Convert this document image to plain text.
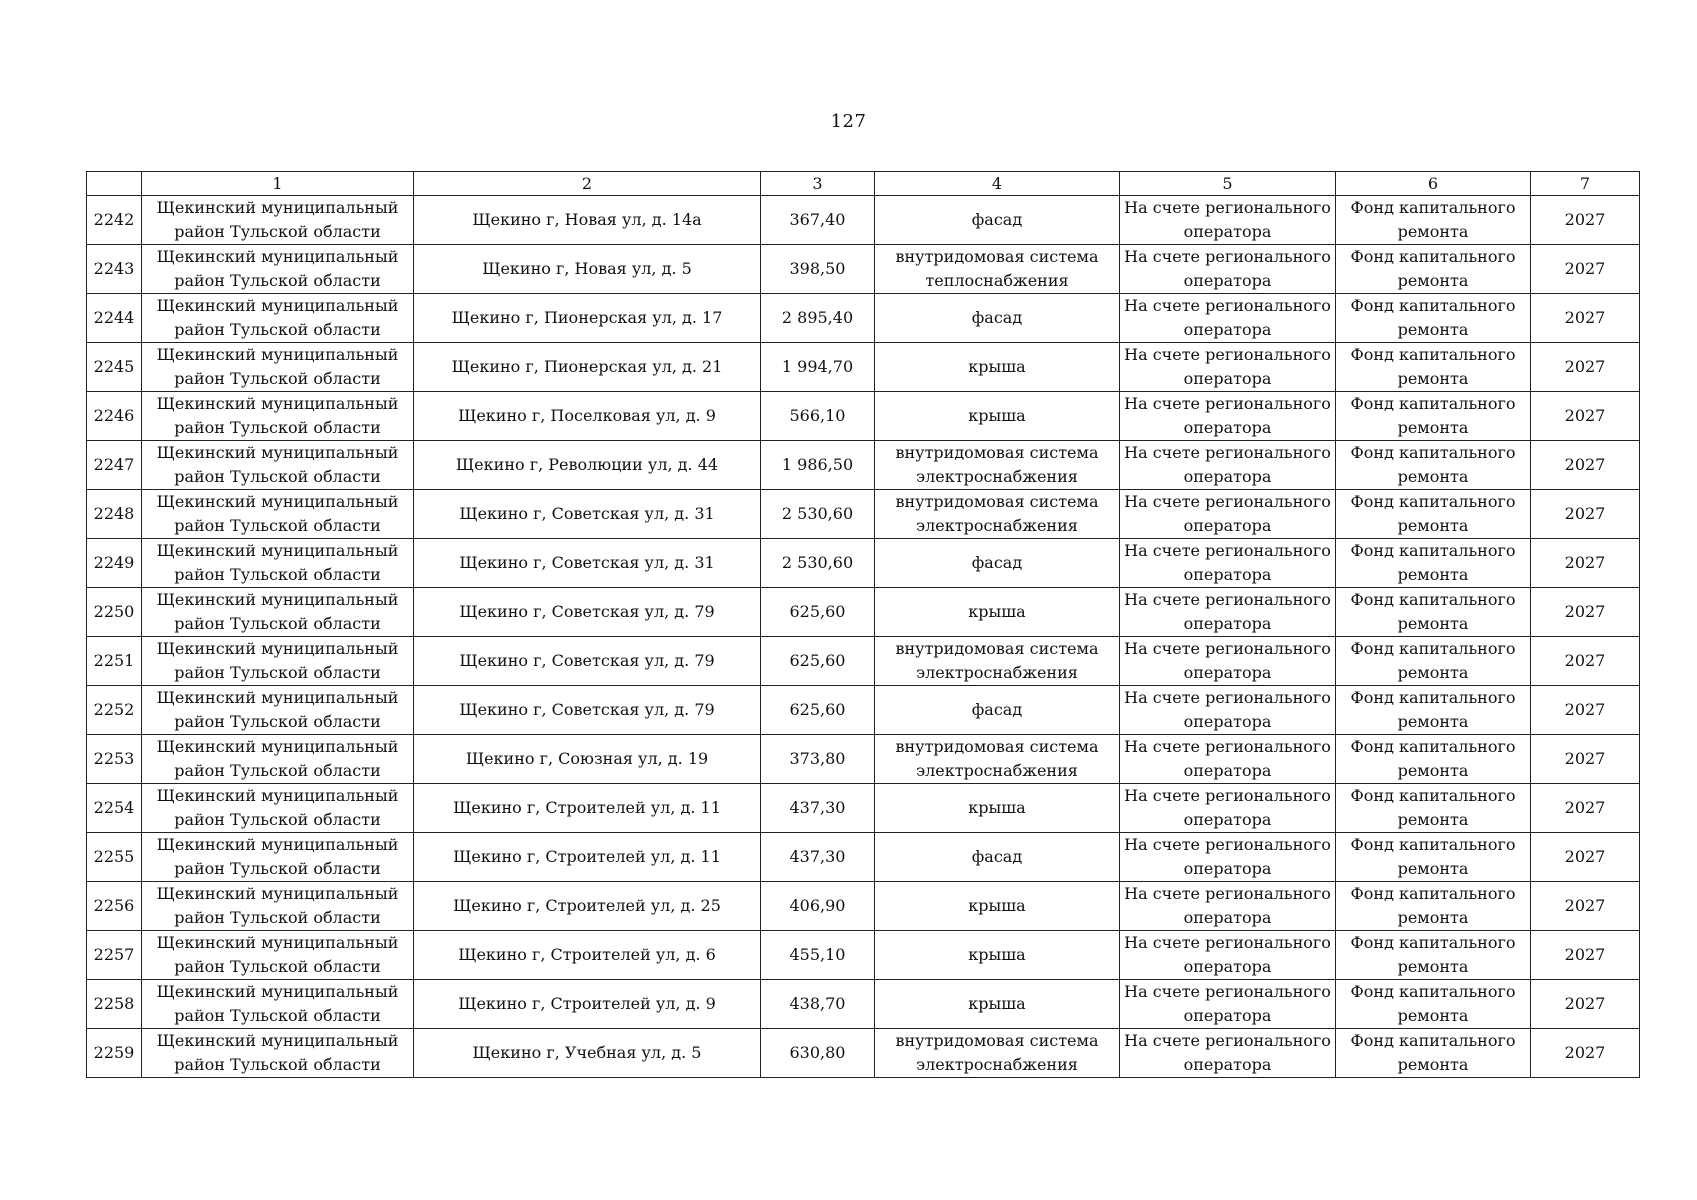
127
	1	2	3	4	5	6	7
2242	Щекинский муниципальный район Тульской области	Щекино г, Новая ул, д. 14а	367,40	фасад	На счете регионального оператора	Фонд капитального ремонта	2027
2243	Щекинский муниципальный район Тульской области	Щекино г, Новая ул, д. 5	398,50	внутридомовая система теплоснабжения	На счете регионального оператора	Фонд капитального ремонта	2027
2244	Щекинский муниципальный район Тульской области	Щекино г, Пионерская ул, д. 17	2 895,40	фасад	На счете регионального оператора	Фонд капитального ремонта	2027
2245	Щекинский муниципальный район Тульской области	Щекино г, Пионерская ул, д. 21	1 994,70	крыша	На счете регионального оператора	Фонд капитального ремонта	2027
2246	Щекинский муниципальный район Тульской области	Щекино г, Поселковая ул, д. 9	566,10	крыша	На счете регионального оператора	Фонд капитального ремонта	2027
2247	Щекинский муниципальный район Тульской области	Щекино г, Революции ул, д. 44	1 986,50	внутридомовая система электроснабжения	На счете регионального оператора	Фонд капитального ремонта	2027
2248	Щекинский муниципальный район Тульской области	Щекино г, Советская ул, д. 31	2 530,60	внутридомовая система электроснабжения	На счете регионального оператора	Фонд капитального ремонта	2027
2249	Щекинский муниципальный район Тульской области	Щекино г, Советская ул, д. 31	2 530,60	фасад	На счете регионального оператора	Фонд капитального ремонта	2027
2250	Щекинский муниципальный район Тульской области	Щекино г, Советская ул, д. 79	625,60	крыша	На счете регионального оператора	Фонд капитального ремонта	2027
2251	Щекинский муниципальный район Тульской области	Щекино г, Советская ул, д. 79	625,60	внутридомовая система электроснабжения	На счете регионального оператора	Фонд капитального ремонта	2027
2252	Щекинский муниципальный район Тульской области	Щекино г, Советская ул, д. 79	625,60	фасад	На счете регионального оператора	Фонд капитального ремонта	2027
2253	Щекинский муниципальный район Тульской области	Щекино г, Союзная ул, д. 19	373,80	внутридомовая система электроснабжения	На счете регионального оператора	Фонд капитального ремонта	2027
2254	Щекинский муниципальный район Тульской области	Щекино г, Строителей ул, д. 11	437,30	крыша	На счете регионального оператора	Фонд капитального ремонта	2027
2255	Щекинский муниципальный район Тульской области	Щекино г, Строителей ул, д. 11	437,30	фасад	На счете регионального оператора	Фонд капитального ремонта	2027
2256	Щекинский муниципальный район Тульской области	Щекино г, Строителей ул, д. 25	406,90	крыша	На счете регионального оператора	Фонд капитального ремонта	2027
2257	Щекинский муниципальный район Тульской области	Щекино г, Строителей ул, д. 6	455,10	крыша	На счете регионального оператора	Фонд капитального ремонта	2027
2258	Щекинский муниципальный район Тульской области	Щекино г, Строителей ул, д. 9	438,70	крыша	На счете регионального оператора	Фонд капитального ремонта	2027
2259	Щекинский муниципальный район Тульской области	Щекино г, Учебная ул, д. 5	630,80	внутридомовая система электроснабжения	На счете регионального оператора	Фонд капитального ремонта	2027
